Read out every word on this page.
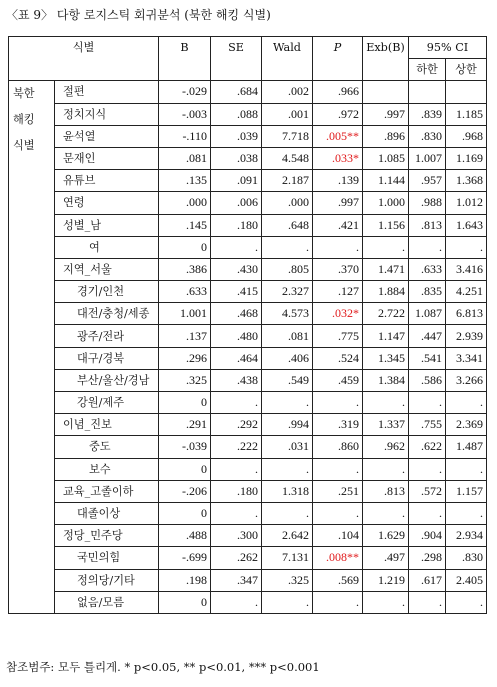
〈표 9〉 다항 로지스틱 회귀분석 (북한 해킹 식별)
식별		B	SE	Wald	P	Exb(B)	95% CI	
							하한	상한

북한
해킹
식별	절편	-.029	.684	.002	.966			
	정치지식	-.003	.088	.001	.972	.997	.839	1.185
	윤석열	-.110	.039	7.718	.005**	.896	.830	.968
	문재인	.081	.038	4.548	.033*	1.085	1.007	1.169
	유튜브	.135	.091	2.187	.139	1.144	.957	1.368
	연령	.000	.006	.000	.997	1.000	.988	1.012
	성별_남	.145	.180	.648	.421	1.156	.813	1.643
	여	0	.	.	.	.	.	.
	지역_서울	.386	.430	.805	.370	1.471	.633	3.416
	경기/인천	.633	.415	2.327	.127	1.884	.835	4.251
	대전/충청/세종	1.001	.468	4.573	.032*	2.722	1.087	6.813
	광주/전라	.137	.480	.081	.775	1.147	.447	2.939
	대구/경북	.296	.464	.406	.524	1.345	.541	3.341
	부산/울산/경남	.325	.438	.549	.459	1.384	.586	3.266
	강원/제주	0	.	.	.	.	.	.
	이념_진보	.291	.292	.994	.319	1.337	.755	2.369
	중도	-.039	.222	.031	.860	.962	.622	1.487
	보수	0	.	.	.	.	.	.
	교육_고졸이하	-.206	.180	1.318	.251	.813	.572	1.157
	대졸이상	0	.	.	.	.	.	.
	정당_민주당	.488	.300	2.642	.104	1.629	.904	2.934
	국민의힘	-.699	.262	7.131	.008**	.497	.298	.830
	정의당/기타	.198	.347	.325	.569	1.219	.617	2.405
	없음/모름	0	.	.	.	.	.	.
참조범주: 모두 틀리게. * p<0.05, ** p<0.01, *** p<0.001
